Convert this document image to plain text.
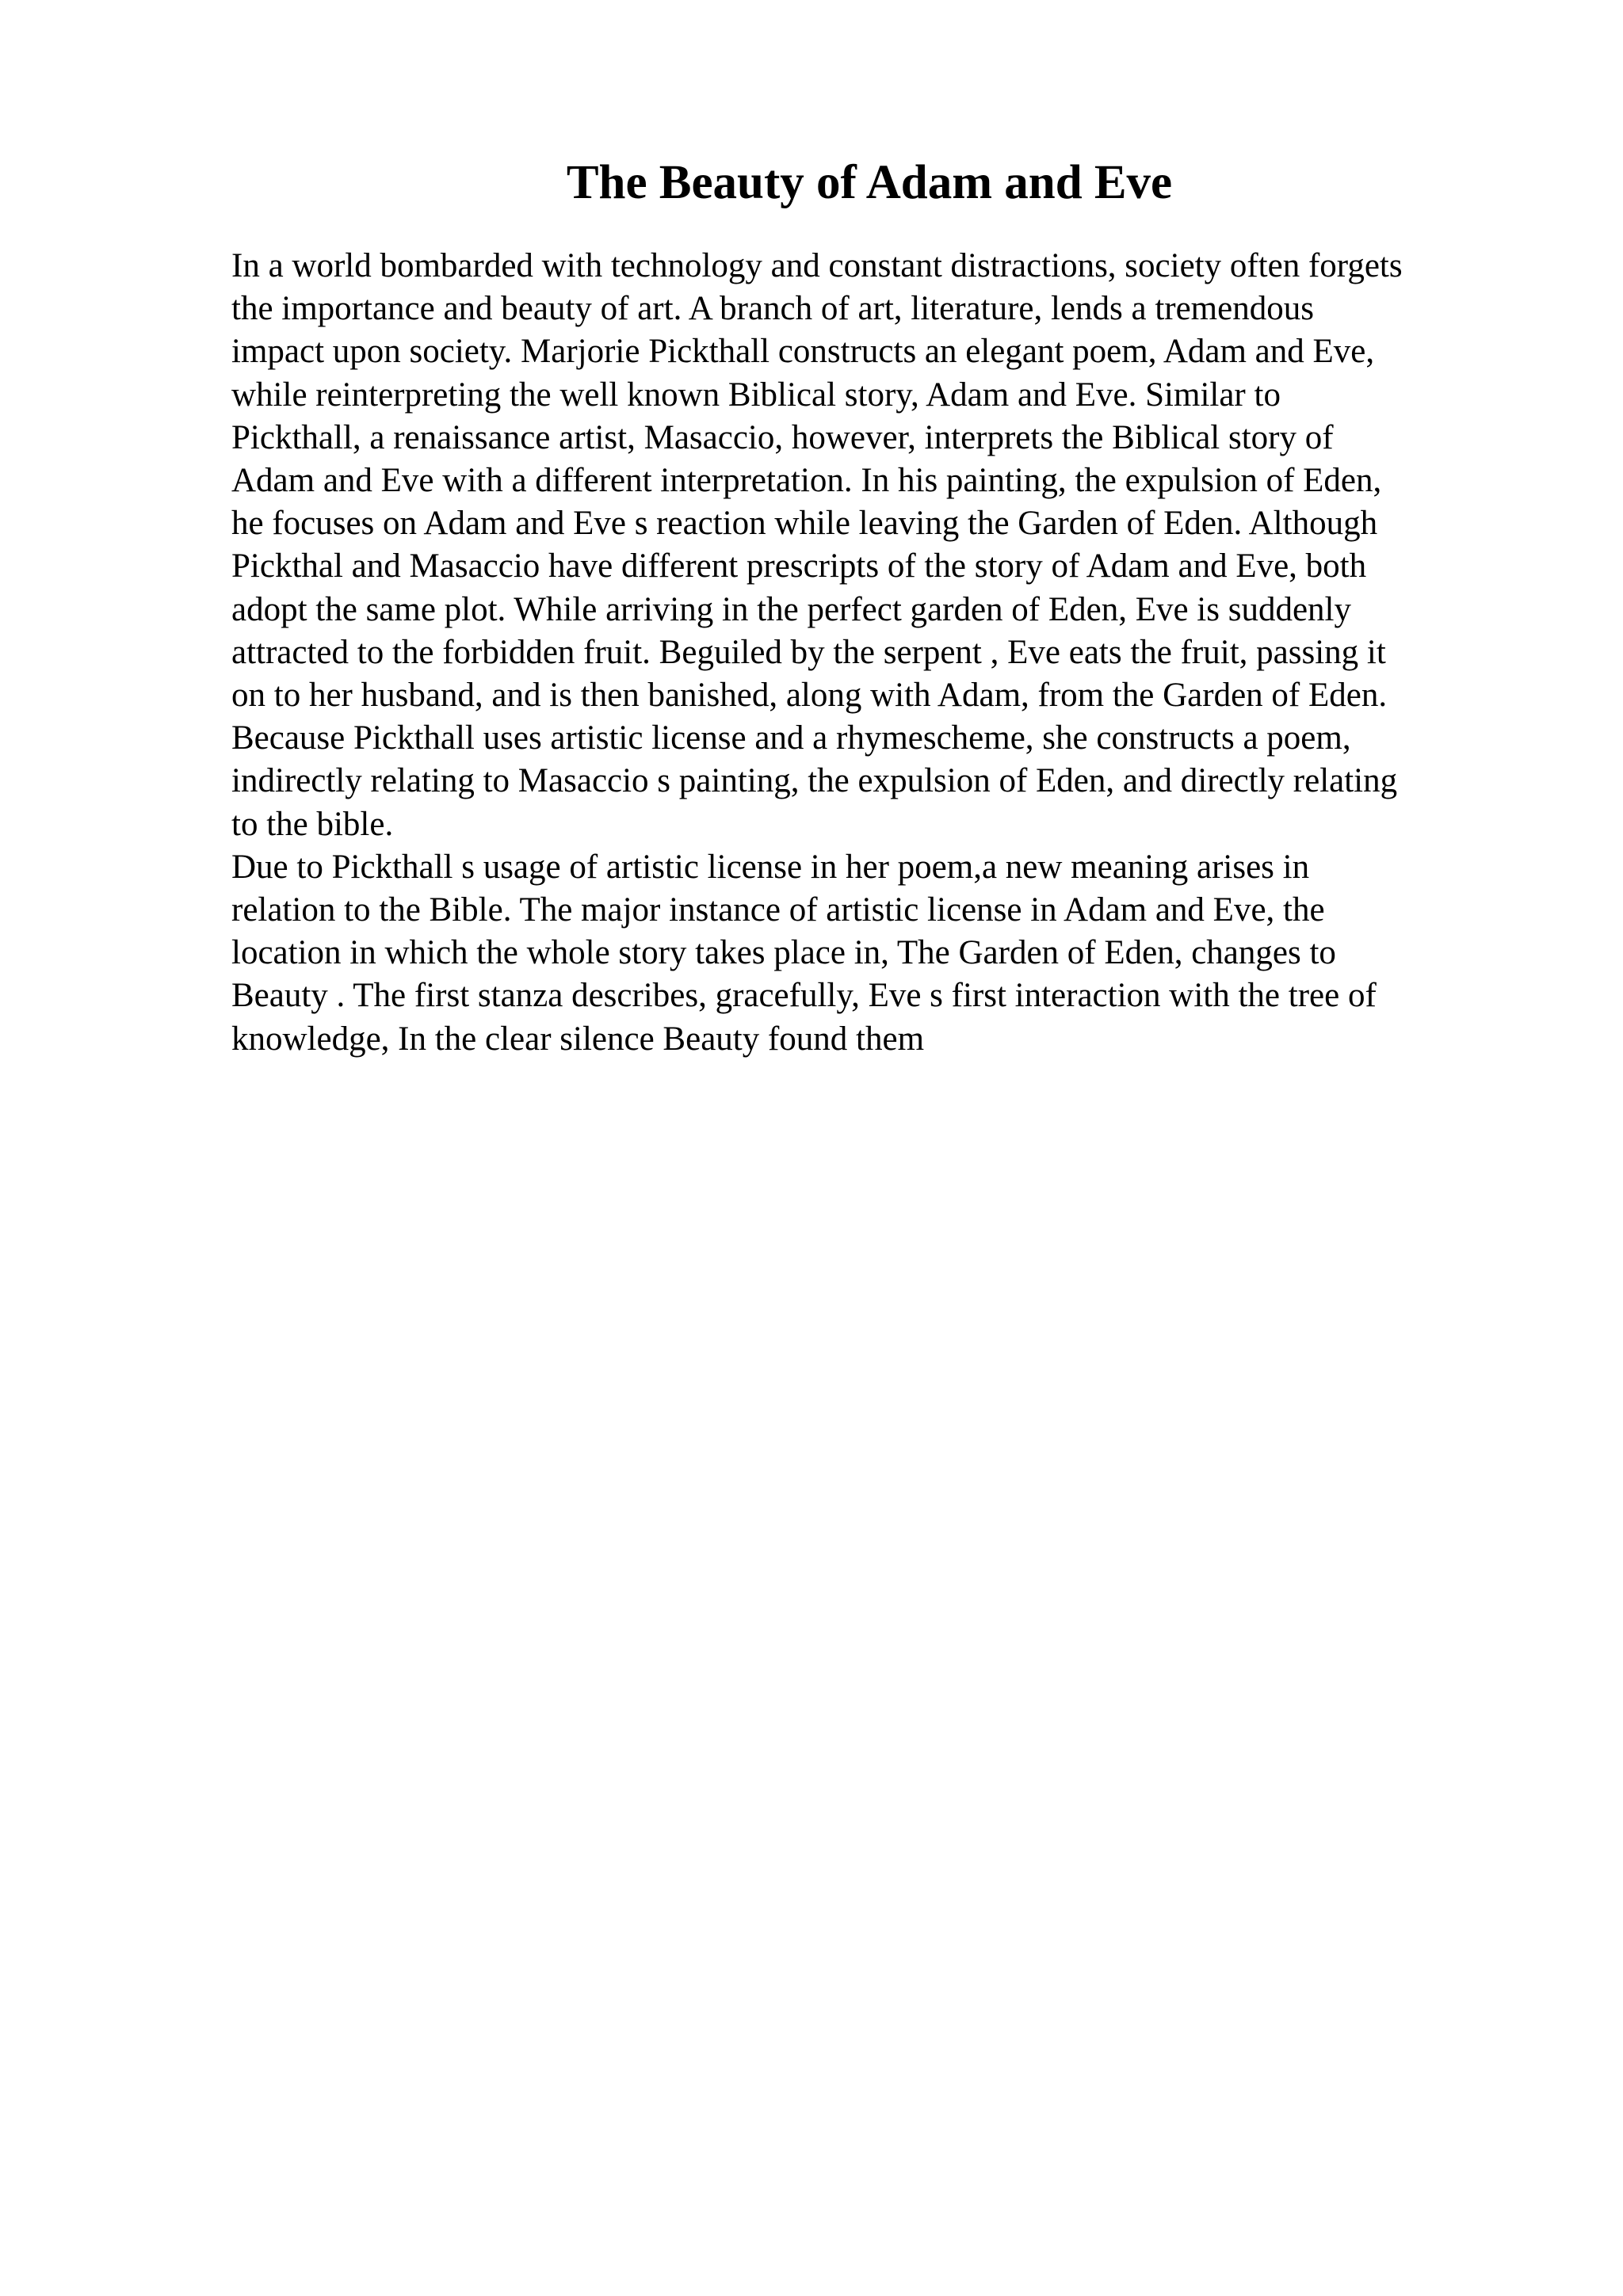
The Beauty of Adam and Eve
In a world bombarded with technology and constant distractions, society often forgets
the importance and beauty of art. A branch of art, literature, lends a tremendous
impact upon society. Marjorie Pickthall constructs an elegant poem, Adam and Eve,
while reinterpreting the well known Biblical story, Adam and Eve. Similar to
Pickthall, a renaissance artist, Masaccio, however, interprets the Biblical story of
Adam and Eve with a different interpretation. In his painting, the expulsion of Eden,
he focuses on Adam and Eve s reaction while leaving the Garden of Eden. Although
Pickthal and Masaccio have different prescripts of the story of Adam and Eve, both
adopt the same plot. While arriving in the perfect garden of Eden, Eve is suddenly
attracted to the forbidden fruit. Beguiled by the serpent , Eve eats the fruit, passing it
on to her husband, and is then banished, along with Adam, from the Garden of Eden.
Because Pickthall uses artistic license and a rhymescheme, she constructs a poem,
indirectly relating to Masaccio s painting, the expulsion of Eden, and directly relating
to the bible.
Due to Pickthall s usage of artistic license in her poem,a new meaning arises in
relation to the Bible. The major instance of artistic license in Adam and Eve, the
location in which the whole story takes place in, The Garden of Eden, changes to
Beauty . The first stanza describes, gracefully, Eve s first interaction with the tree of
knowledge, In the clear silence Beauty found them
